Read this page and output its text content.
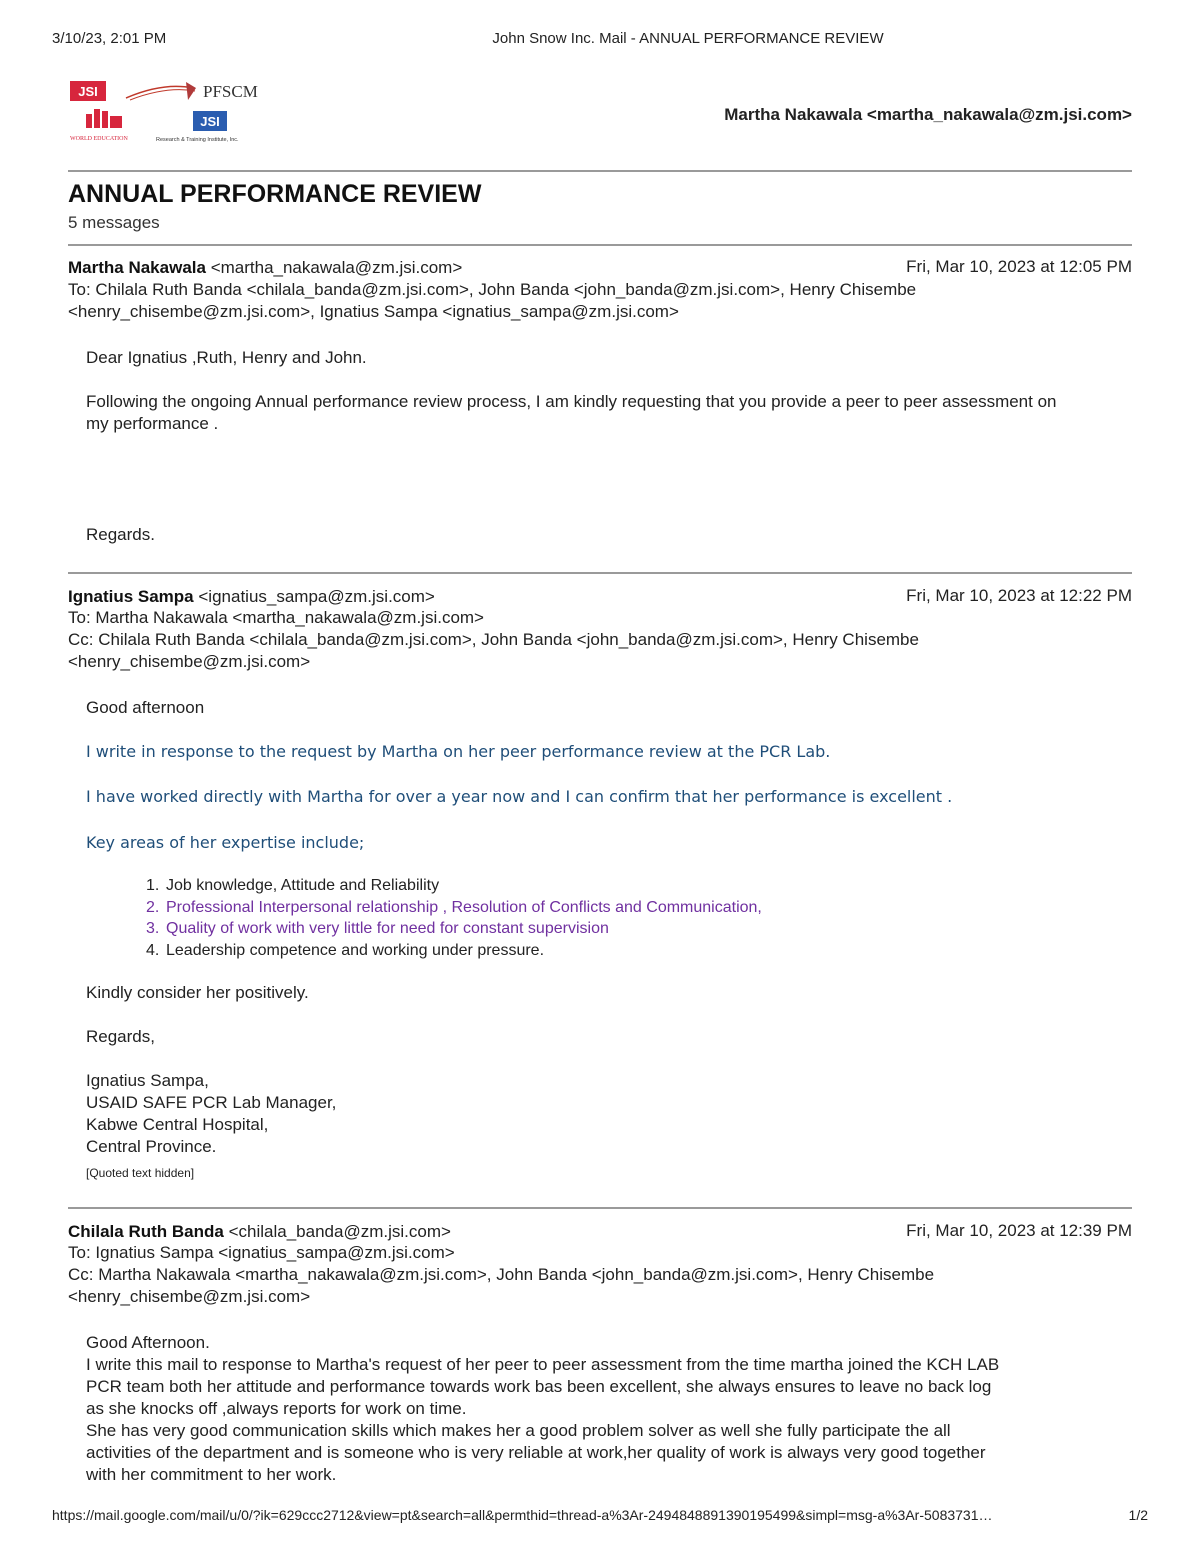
3/10/23, 2:01 PM	John Snow Inc. Mail - ANNUAL PERFORMANCE REVIEW
JSI	PFSCM
WORLD EDUCATION
JSI
Research & Training Institute, Inc.
Martha Nakawala <martha_nakawala@zm.jsi.com>
ANNUAL PERFORMANCE REVIEW
5 messages
Martha Nakawala <martha_nakawala@zm.jsi.com>	Fri, Mar 10, 2023 at 12:05 PM
To: Chilala Ruth Banda <chilala_banda@zm.jsi.com>, John Banda <john_banda@zm.jsi.com>, Henry Chisembe
<henry_chisembe@zm.jsi.com>, Ignatius Sampa <ignatius_sampa@zm.jsi.com>
Dear Ignatius ,Ruth, Henry and John.
Following the ongoing Annual performance review process, I am kindly requesting that you provide a peer to peer assessment on my performance .
Regards.
Ignatius Sampa <ignatius_sampa@zm.jsi.com>	Fri, Mar 10, 2023 at 12:22 PM
To: Martha Nakawala <martha_nakawala@zm.jsi.com>
Cc: Chilala Ruth Banda <chilala_banda@zm.jsi.com>, John Banda <john_banda@zm.jsi.com>, Henry Chisembe
<henry_chisembe@zm.jsi.com>
Good afternoon
I write in response to the request by Martha on her peer performance review at the PCR Lab.
I have worked directly with Martha for over a year now and I can confirm that her performance is excellent .
Key areas of her expertise include;
1. Job knowledge, Attitude and Reliability
2. Professional Interpersonal relationship , Resolution of Conflicts and Communication,
3. Quality of work with very little for need for constant supervision
4. Leadership competence and working under pressure.
Kindly consider her positively.
Regards,
Ignatius Sampa,
USAID SAFE PCR Lab Manager,
Kabwe Central Hospital,
Central Province.
[Quoted text hidden]
Chilala Ruth Banda <chilala_banda@zm.jsi.com>	Fri, Mar 10, 2023 at 12:39 PM
To: Ignatius Sampa <ignatius_sampa@zm.jsi.com>
Cc: Martha Nakawala <martha_nakawala@zm.jsi.com>, John Banda <john_banda@zm.jsi.com>, Henry Chisembe
<henry_chisembe@zm.jsi.com>
Good Afternoon.
I write this mail to response to Martha's request of her peer to peer assessment from the time martha joined the KCH LAB
PCR team both her attitude and performance towards work bas been excellent, she always ensures to leave no back log
as she knocks off ,always reports for work on time.
She has very good communication skills which makes her a good problem solver as well she fully participate the all
activities of the department and is someone who is very reliable at work,her quality of work is always very good together
with her commitment to her work.
https://mail.google.com/mail/u/0/?ik=629ccc2712&view=pt&search=all&permthid=thread-a%3Ar-2494848891390195499&simpl=msg-a%3Ar-5083731…	1/2
